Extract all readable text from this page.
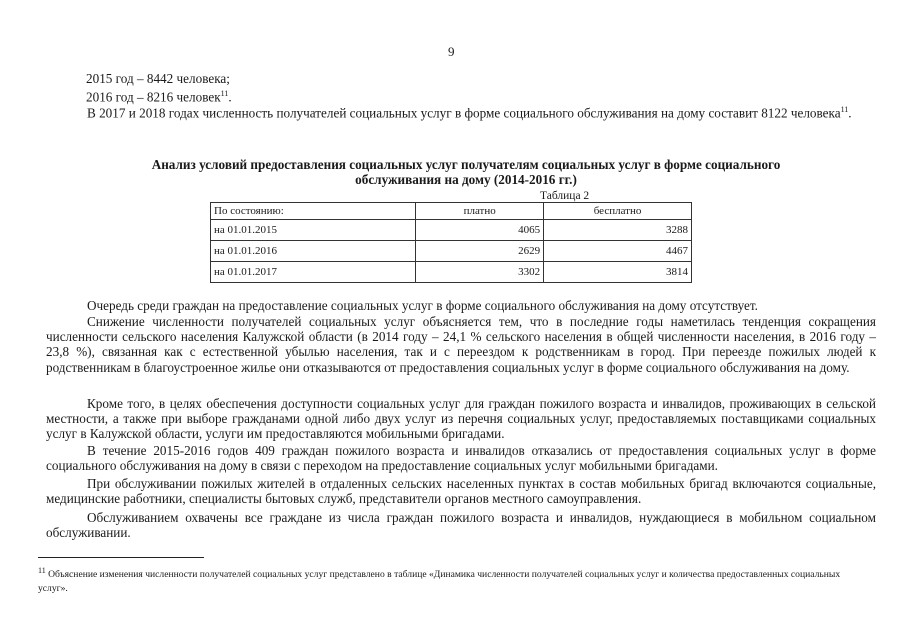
9
2015 год – 8442 человека;
2016 год – 8216 человек$^{11}$.
В 2017 и 2018 годах численность получателей социальных услуг в форме социального обслуживания на дому составит 8122 человека$^{11}$.
Анализ условий предоставления социальных услуг получателям социальных услуг в форме социального обслуживания на дому (2014-2016 гг.)
Таблица 2
По состоянию:	платно	бесплатно
на 01.01.2015	4065	3288
на 01.01.2016	2629	4467
на 01.01.2017	3302	3814
Очередь среди граждан на предоставление социальных услуг в форме социального обслуживания на дому отсутствует.
Снижение численности получателей социальных услуг объясняется тем, что в последние годы наметилась тенденция сокращения численности сельского населения Калужской области (в 2014 году – 24,1 % сельского населения в общей численности населения, в 2016 году – 23,8 %), связанная как с естественной убылью населения, так и с переездом к родственникам в город. При переезде пожилых людей к родственникам в благоустроенное жилье они отказываются от предоставления социальных услуг в форме социального обслуживания на дому.
Кроме того, в целях обеспечения доступности социальных услуг для граждан пожилого возраста и инвалидов, проживающих в сельской местности, а также при выборе гражданами одной либо двух услуг из перечня социальных услуг, предоставляемых поставщиками социальных услуг в Калужской области, услуги им предоставляются мобильными бригадами.
В течение 2015-2016 годов 409 граждан пожилого возраста и инвалидов отказались от предоставления социальных услуг в форме социального обслуживания на дому в связи с переходом на предоставление социальных услуг мобильными бригадами.
При обслуживании пожилых жителей в отдаленных сельских населенных пунктах в состав мобильных бригад включаются социальные, медицинские работники, специалисты бытовых служб, представители органов местного самоуправления.
Обслуживанием охвачены все граждане из числа граждан пожилого возраста и инвалидов, нуждающиеся в мобильном социальном обслуживании.
$^{11}$ Объяснение изменения численности получателей социальных услуг представлено в таблице «Динамика численности получателей социальных услуг и количества предоставленных социальных услуг».
